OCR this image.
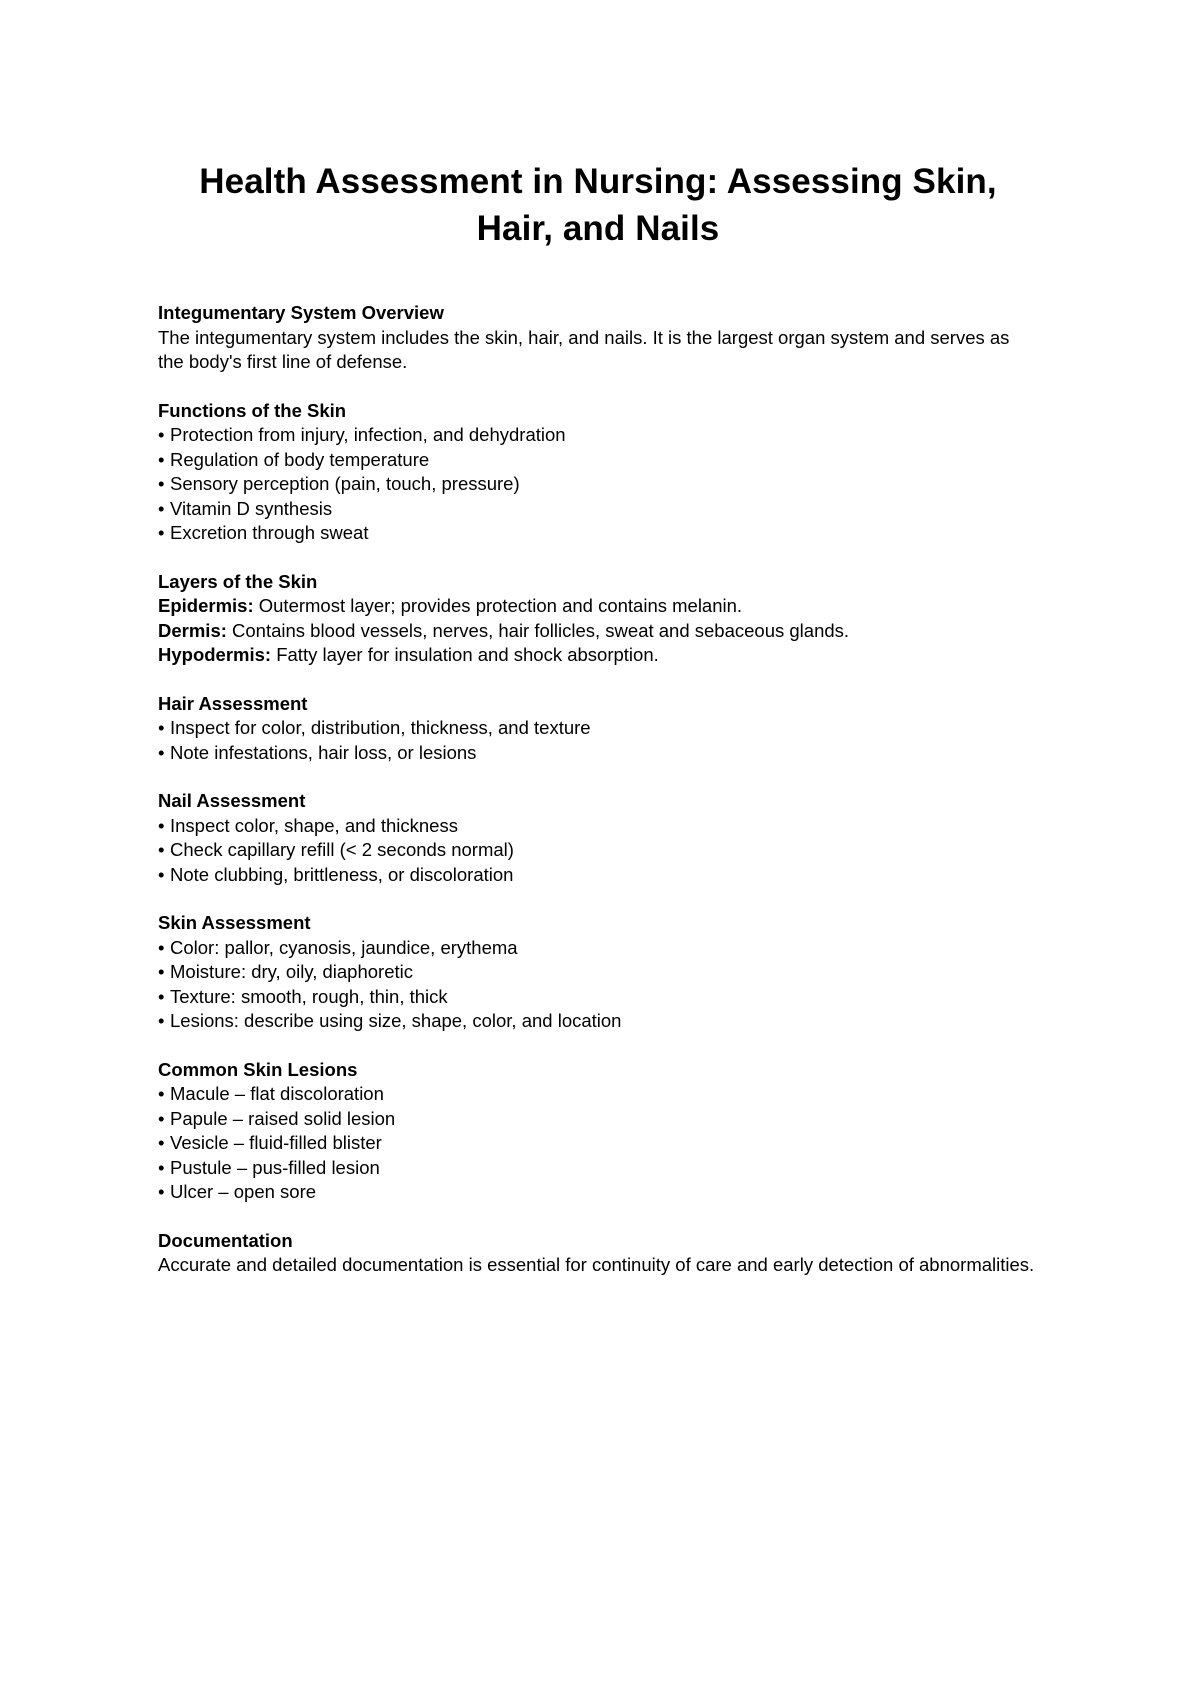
Health Assessment in Nursing: Assessing Skin,
Hair, and Nails

Integumentary System Overview

The integumentary system includes the skin, hair, and nails. It is the largest organ system and serves as the body's first line of defense.

Functions of the Skin

• Protection from injury, infection, and dehydration
• Regulation of body temperature
• Sensory perception (pain, touch, pressure)
• Vitamin D synthesis
• Excretion through sweat

Layers of the Skin

Epidermis: Outermost layer; provides protection and contains melanin.

Dermis: Contains blood vessels, nerves, hair follicles, sweat and sebaceous glands.

Hypodermis: Fatty layer for insulation and shock absorption.

Hair Assessment

• Inspect for color, distribution, thickness, and texture
• Note infestations, hair loss, or lesions

Nail Assessment

• Inspect color, shape, and thickness
• Check capillary refill (< 2 seconds normal)
• Note clubbing, brittleness, or discoloration

Skin Assessment

• Color: pallor, cyanosis, jaundice, erythema
• Moisture: dry, oily, diaphoretic
• Texture: smooth, rough, thin, thick
• Lesions: describe using size, shape, color, and location

Common Skin Lesions

• Macule – flat discoloration
• Papule – raised solid lesion
• Vesicle – fluid-filled blister
• Pustule – pus-filled lesion
• Ulcer – open sore

Documentation

Accurate and detailed documentation is essential for continuity of care and early detection of abnormalities.
